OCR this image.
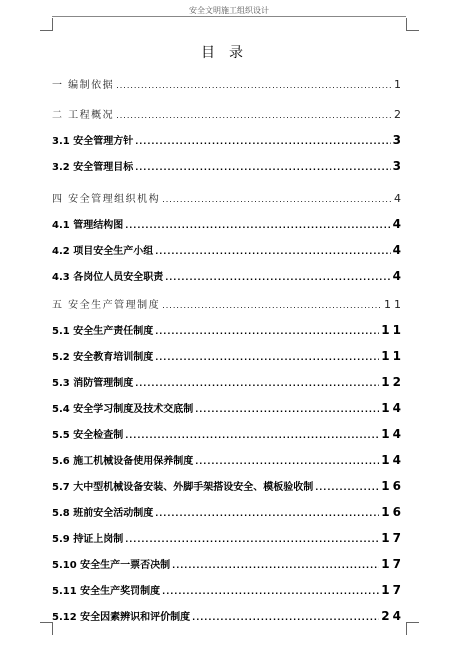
安全文明施工组织设计
目录
一 编制依据 .....	1
二 工程概况 .....	2
3.1 安全管理方针 .....	3
3.2 安全管理目标 .....	3
四 安全管理组织机构 .....	4
4.1 管理结构图 .....	4
4.2 项目安全生产小组 .....	4
4.3 各岗位人员安全职责 .....	4
五 安全生产管理制度 .....	11
5.1 安全生产责任制度 .....	11
5.2 安全教育培训制度 .....	11
5.3 消防管理制度 .....	12
5.4 安全学习制度及技术交底制 .....	14
5.5 安全检查制 .....	14
5.6 施工机械设备使用保养制度 .....	14
5.7 大中型机械设备安装、外脚手架搭设安全、模板验收制 .....	16
5.8 班前安全活动制度 .....	16
5.9 持证上岗制 .....	17
5.10 安全生产一票否决制 .....	17
5.11 安全生产奖罚制度 .....	17
5.12 安全因素辨识和评价制度 .....	24
